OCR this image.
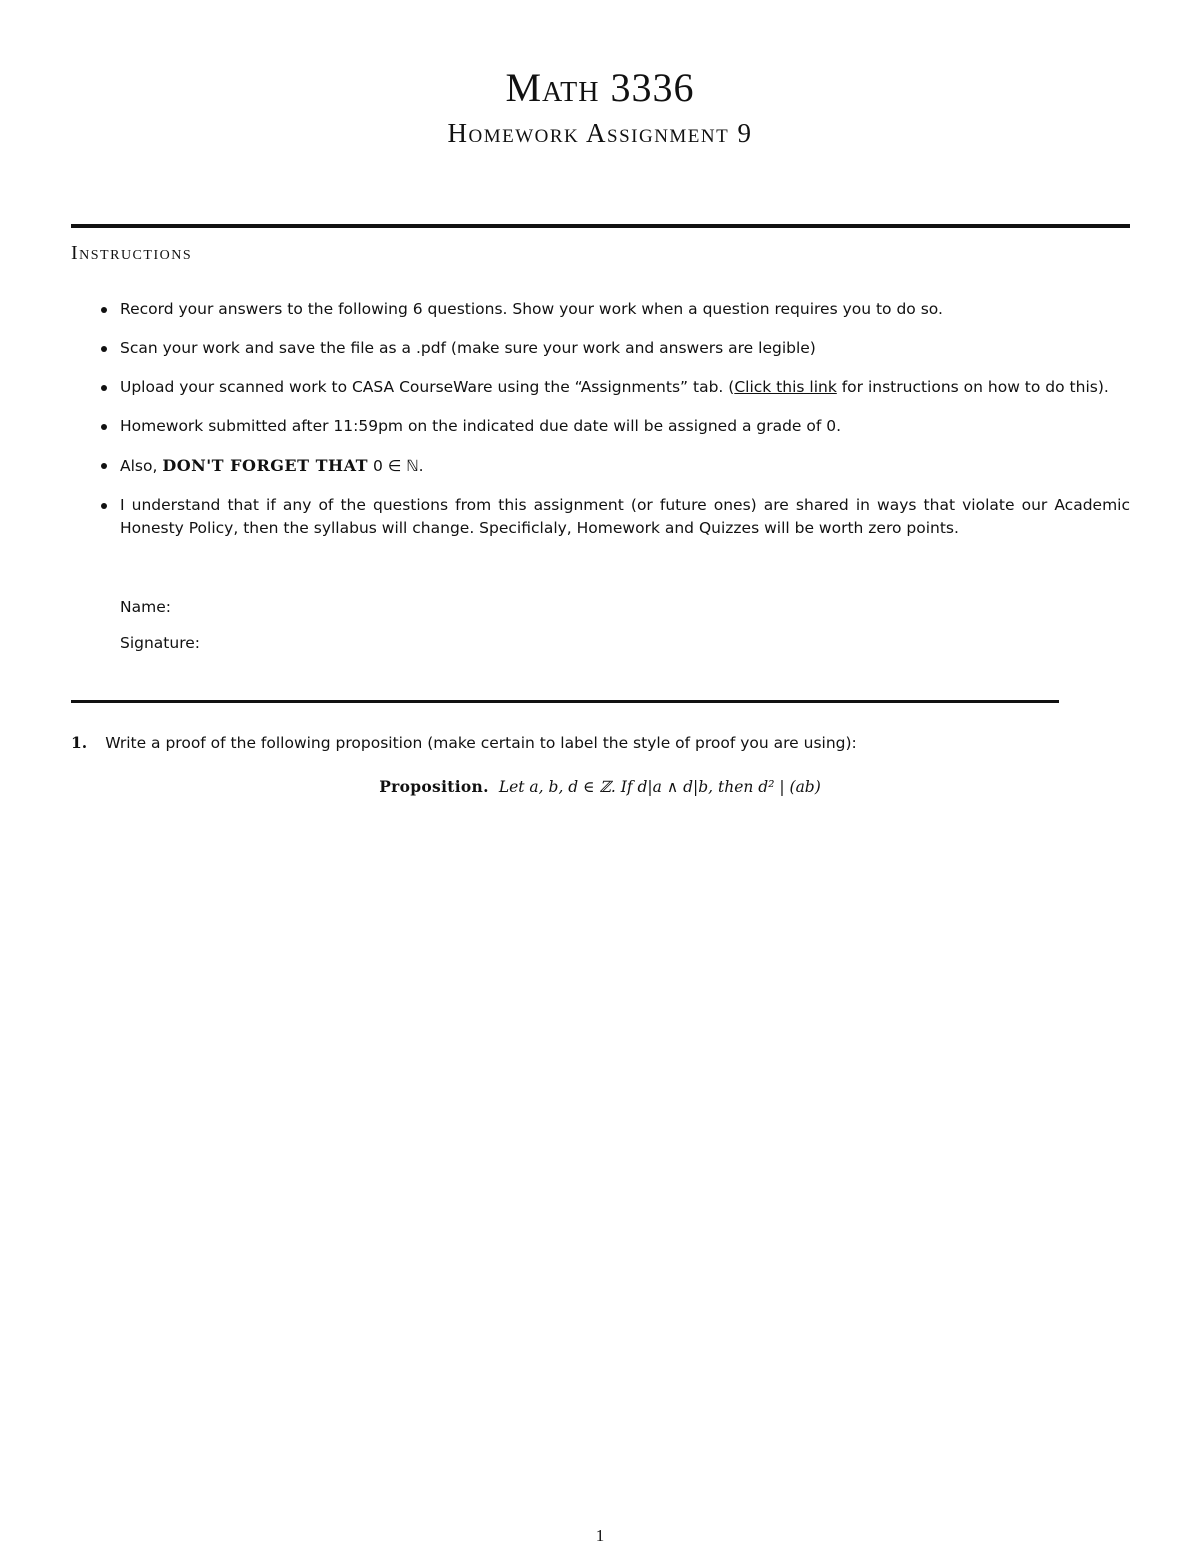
Math 3336
Homework Assignment 9
Instructions
Record your answers to the following 6 questions. Show your work when a question requires you to do so.
Scan your work and save the file as a .pdf (make sure your work and answers are legible)
Upload your scanned work to CASA CourseWare using the “Assignments” tab. (Click this link for instructions on how to do this).
Homework submitted after 11:59pm on the indicated due date will be assigned a grade of 0.
Also, DON'T FORGET THAT 0 ∈ ℕ.
I understand that if any of the questions from this assignment (or future ones) are shared in ways that violate our Academic Honesty Policy, then the syllabus will change. Specificlaly, Homework and Quizzes will be worth zero points.
Name:
Signature:
1. Write a proof of the following proposition (make certain to label the style of proof you are using):
Proposition. Let a, b, d ∈ ℤ. If d|a ∧ d|b, then d² | (ab)
1
